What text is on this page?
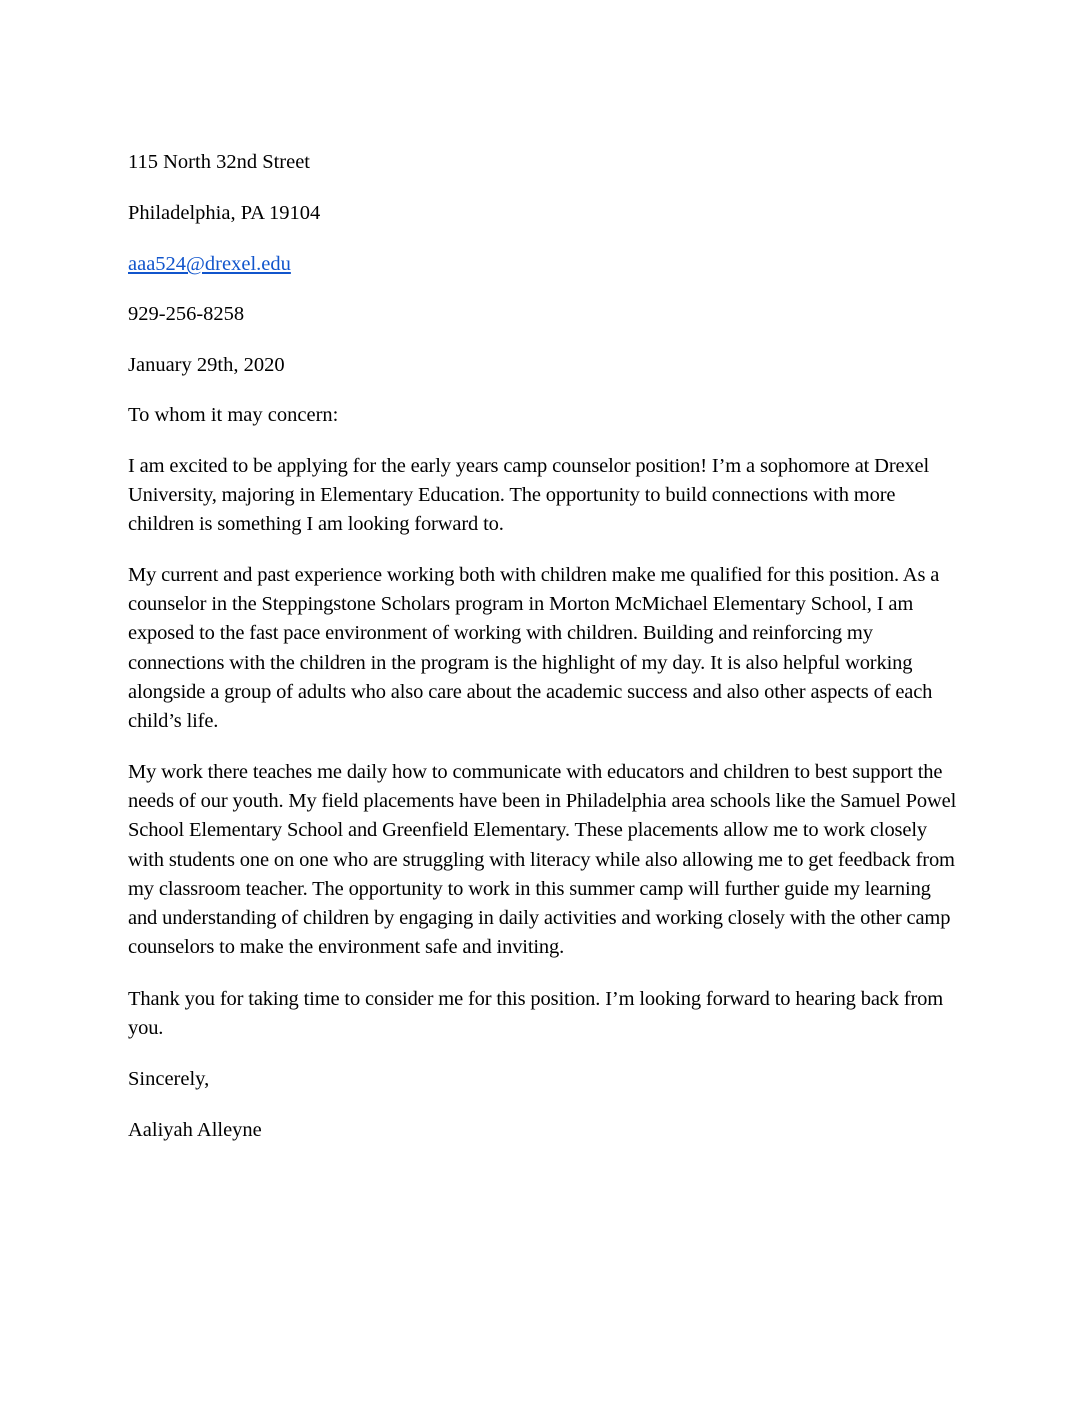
115 North 32nd Street
Philadelphia, PA 19104
aaa524@drexel.edu
929-256-8258
January 29th, 2020
To whom it may concern:
I am excited to be applying for the early years camp counselor position! I’m a sophomore at Drexel University, majoring in Elementary Education. The opportunity to build connections with more children is something I am looking forward to.
My current and past experience working both with children make me qualified for this position. As a counselor in the Steppingstone Scholars program in Morton McMichael Elementary School, I am exposed to the fast pace environment of working with children. Building and reinforcing my connections with the children in the program is the highlight of my day. It is also helpful working alongside a group of adults who also care about the academic success and also other aspects of each child’s life.
My work there teaches me daily how to communicate with educators and children to best support the needs of our youth. My field placements have been in Philadelphia area schools like the Samuel Powel School Elementary School and Greenfield Elementary. These placements allow me to work closely with students one on one who are struggling with literacy while also allowing me to get feedback from my classroom teacher. The opportunity to work in this summer camp will further guide my learning and understanding of children by engaging in daily activities and working closely with the other camp counselors to make the environment safe and inviting.
Thank you for taking time to consider me for this position. I’m looking forward to hearing back from you.
Sincerely,
Aaliyah Alleyne
